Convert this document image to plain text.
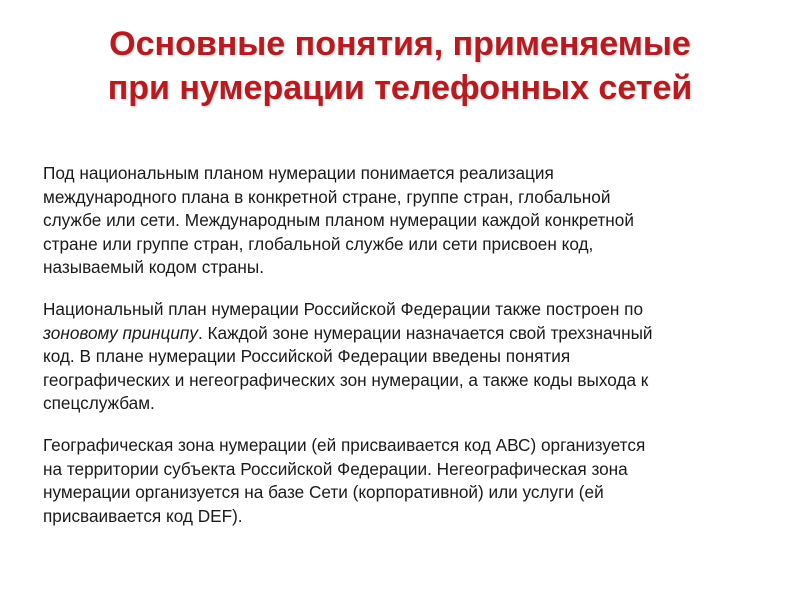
Основные понятия, применяемые
при нумерации телефонных сетей
Под национальным планом нумерации понимается реализация
международного плана в конкретной стране, группе стран, глобальной
службе или сети. Международным планом нумерации каждой конкретной
стране или группе стран, глобальной службе или сети присвоен код,
называемый кодом страны.
Национальный план нумерации Российской Федерации также построен по
зоновому принципу. Каждой зоне нумерации назначается свой трехзначный
код. В плане нумерации Российской Федерации введены понятия
географических и негеографических зон нумерации, а также коды выхода к
спецслужбам.
Географическая зона нумерации (ей присваивается код АВС) организуется
на территории субъекта Российской Федерации. Негеографическая зона
нумерации организуется на базе Сети (корпоративной) или услуги (ей
присваивается код DEF).
